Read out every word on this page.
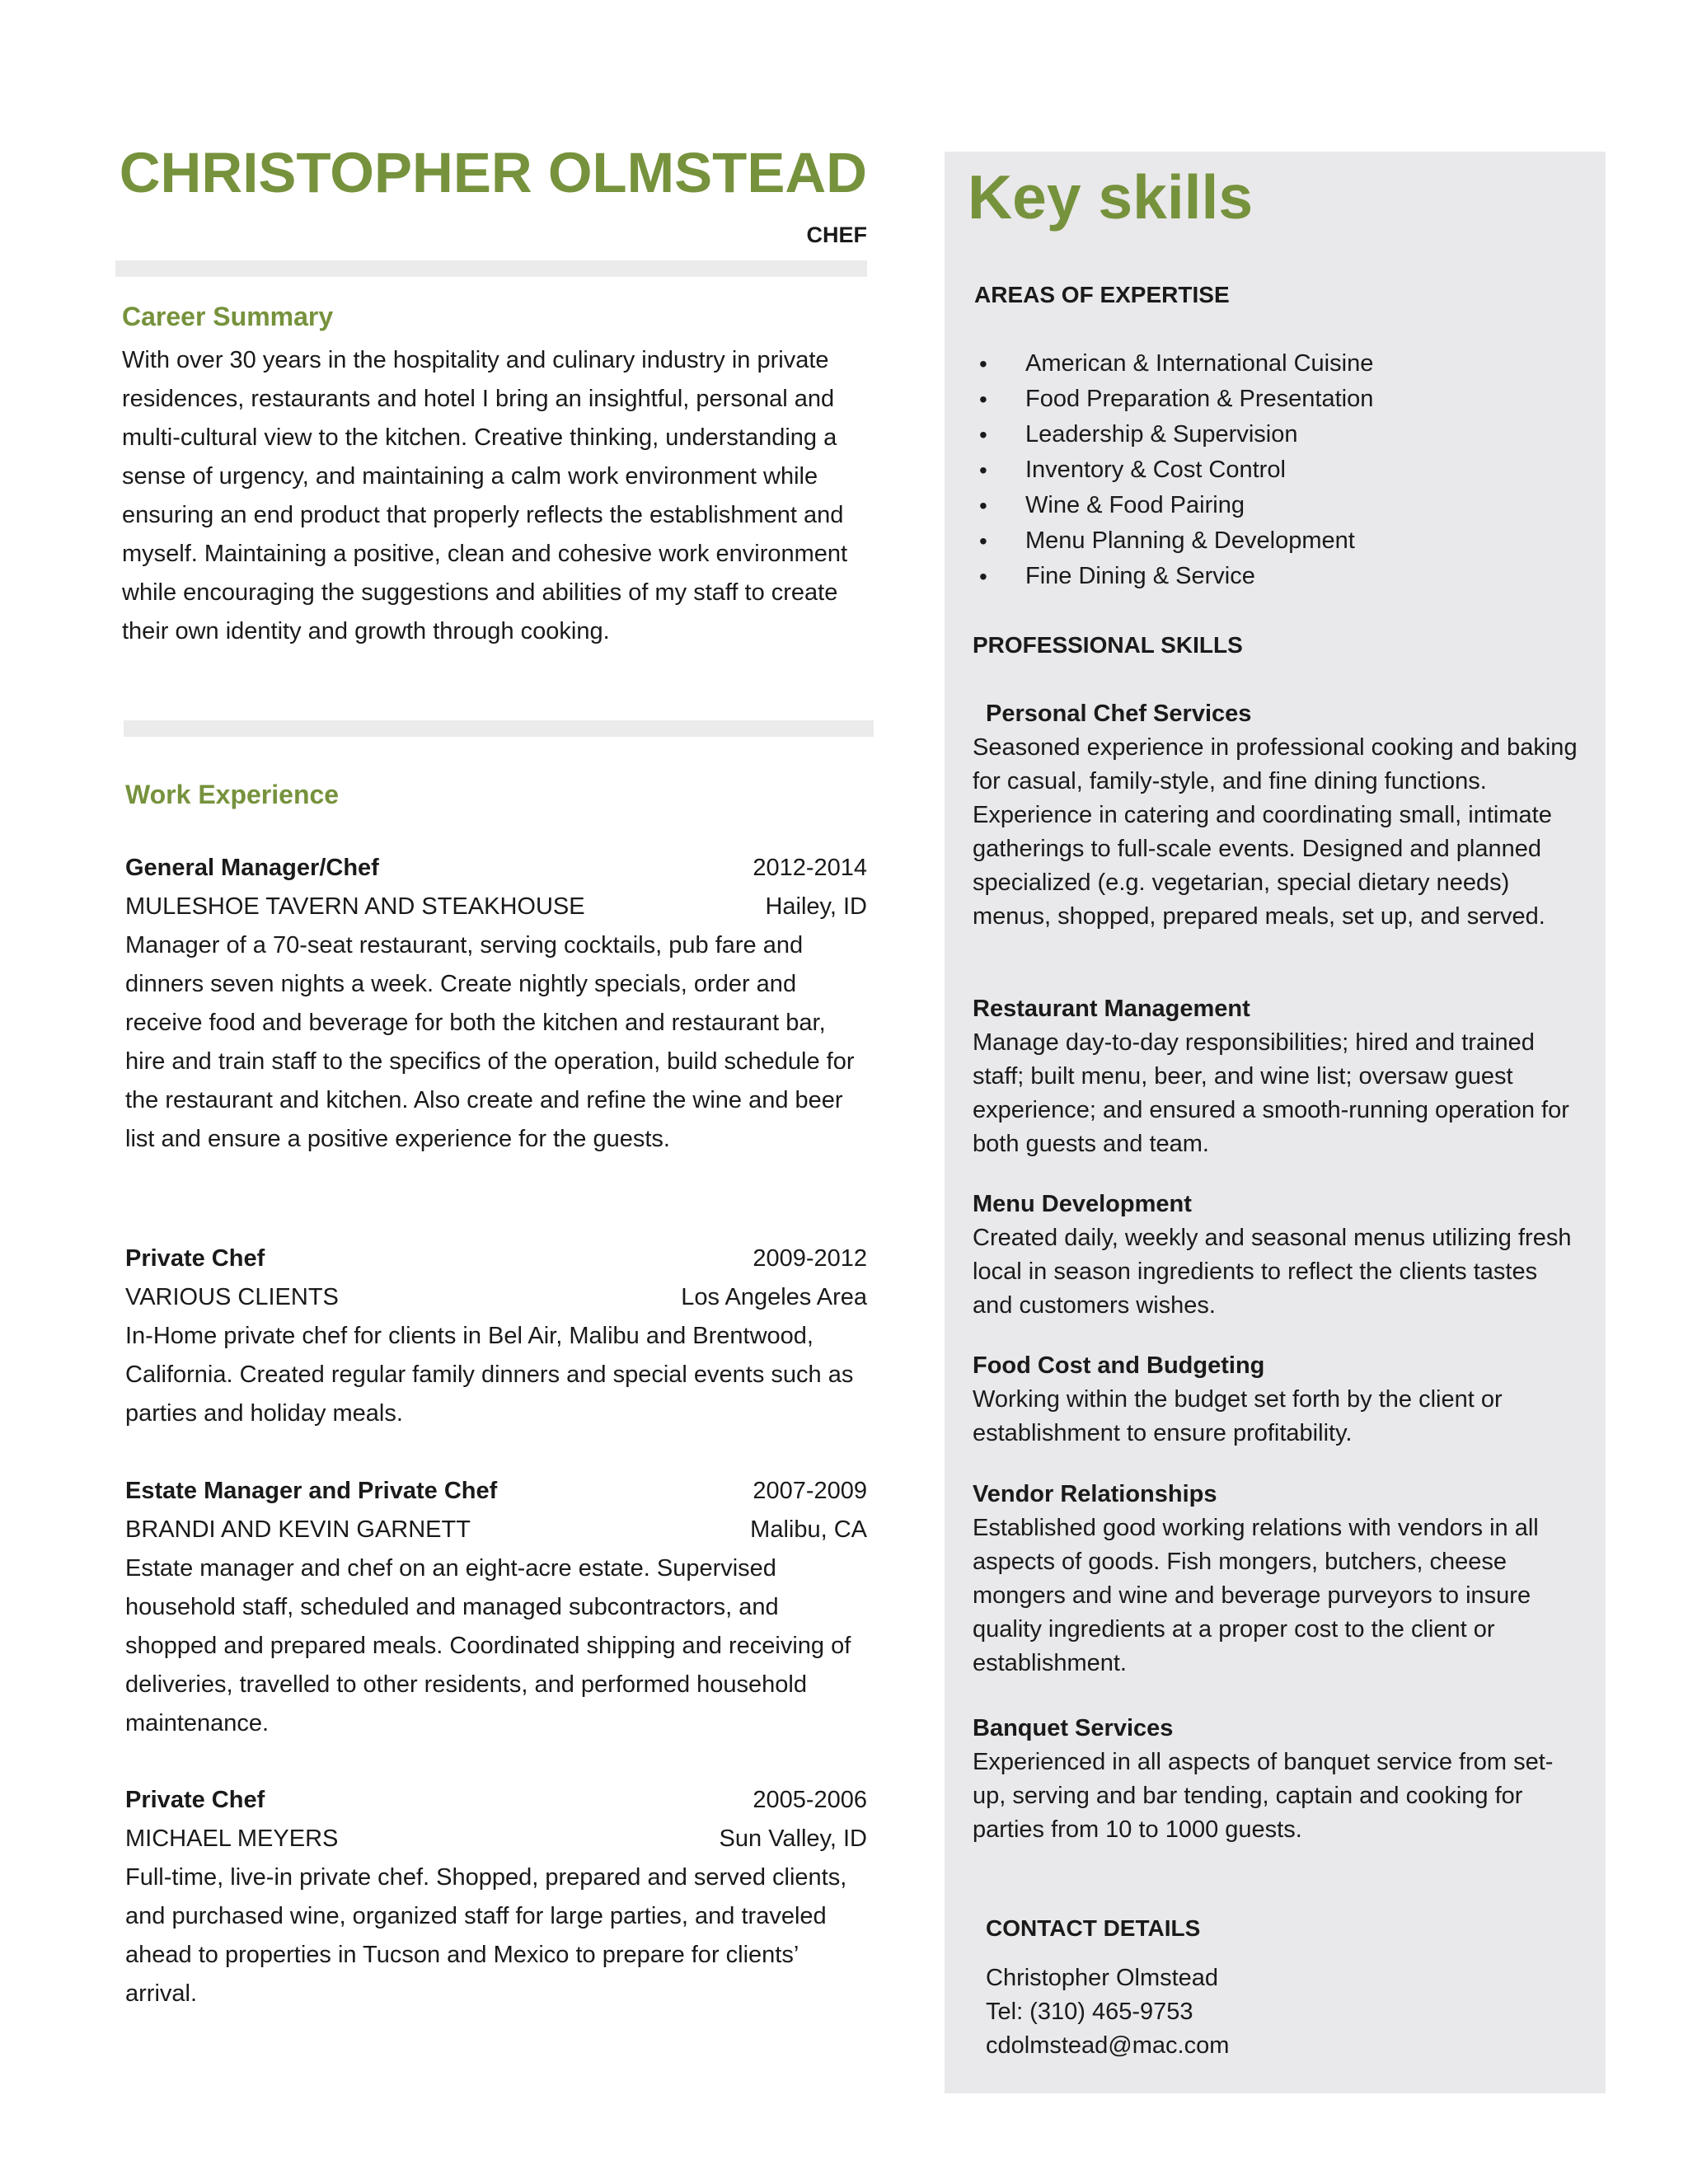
CHRISTOPHER OLMSTEAD

CHEF

Career Summary

With over 30 years in the hospitality and culinary industry in private residences, restaurants and hotel I bring an insightful, personal and multi-cultural view to the kitchen. Creative thinking, understanding a sense of urgency, and maintaining a calm work environment while ensuring an end product that properly reflects the establishment and myself. Maintaining a positive, clean and cohesive work environment while encouraging the suggestions and abilities of my staff to create their own identity and growth through cooking.

Work Experience
General Manager/Chef	2012-2014
MULESHOE TAVERN AND STEAKHOUSE	Hailey, ID

Manager of a 70-seat restaurant, serving cocktails, pub fare and dinners seven nights a week. Create nightly specials, order and receive food and beverage for both the kitchen and restaurant bar, hire and train staff to the specifics of the operation, build schedule for the restaurant and kitchen. Also create and refine the wine and beer list and ensure a positive experience for the guests.

Private Chef	2009-2012
VARIOUS CLIENTS	Los Angeles Area

In-Home private chef for clients in Bel Air, Malibu and Brentwood, California. Created regular family dinners and special events such as parties and holiday meals.

Estate Manager and Private Chef	2007-2009
BRANDI AND KEVIN GARNETT	Malibu, CA

Estate manager and chef on an eight-acre estate. Supervised household staff, scheduled and managed subcontractors, and shopped and prepared meals. Coordinated shipping and receiving of deliveries, travelled to other residents, and performed household maintenance.

Private Chef	2005-2006
MICHAEL MEYERS	Sun Valley, ID

Full-time, live-in private chef. Shopped, prepared and served clients, and purchased wine, organized staff for large parties, and traveled ahead to properties in Tucson and Mexico to prepare for clients’ arrival.

Key skills

AREAS OF EXPERTISE

• American & International Cuisine
• Food Preparation & Presentation
• Leadership & Supervision
• Inventory & Cost Control
• Wine & Food Pairing
• Menu Planning & Development
• Fine Dining & Service

PROFESSIONAL SKILLS

Personal Chef Services

Seasoned experience in professional cooking and baking for casual, family-style, and fine dining functions. Experience in catering and coordinating small, intimate gatherings to full-scale events. Designed and planned specialized (e.g. vegetarian, special dietary needs) menus, shopped, prepared meals, set up, and served.

Restaurant Management

Manage day-to-day responsibilities; hired and trained staff; built menu, beer, and wine list; oversaw guest experience; and ensured a smooth-running operation for both guests and team.

Menu Development

Created daily, weekly and seasonal menus utilizing fresh local in season ingredients to reflect the clients tastes and customers wishes.

Food Cost and Budgeting

Working within the budget set forth by the client or establishment to ensure profitability.

Vendor Relationships

Established good working relations with vendors in all aspects of goods. Fish mongers, butchers, cheese mongers and wine and beverage purveyors to insure quality ingredients at a proper cost to the client or establishment.

Banquet Services

Experienced in all aspects of banquet service from set-up, serving and bar tending, captain and cooking for parties from 10 to 1000 guests.

CONTACT DETAILS

Christopher Olmstead

Tel: (310) 465-9753

cdolmstead@mac.com
